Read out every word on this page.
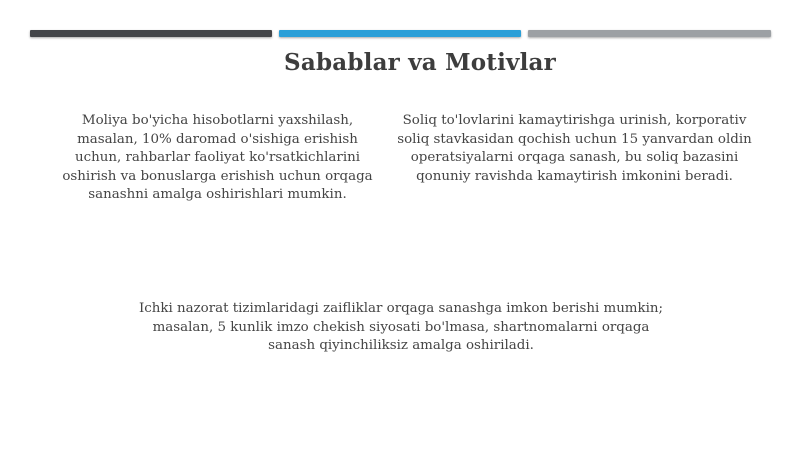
Sabablar va Motivlar
Moliya bo'yicha hisobotlarni yaxshilash, masalan, 10% daromad o'sishiga erishish uchun, rahbarlar faoliyat ko'rsatkichlarini oshirish va bonuslarga erishish uchun orqaga sanashni amalga oshirishlari mumkin.
Soliq to'lovlarini kamaytirishga urinish, korporativ soliq stavkasidan qochish uchun 15 yanvardan oldin operatsiyalarni orqaga sanash, bu soliq bazasini qonuniy ravishda kamaytirish imkonini beradi.
Ichki nazorat tizimlaridagi zaifliklar orqaga sanashga imkon berishi mumkin; masalan, 5 kunlik imzo chekish siyosati bo'lmasa, shartnomalarni orqaga sanash qiyinchiliksiz amalga oshiriladi.
